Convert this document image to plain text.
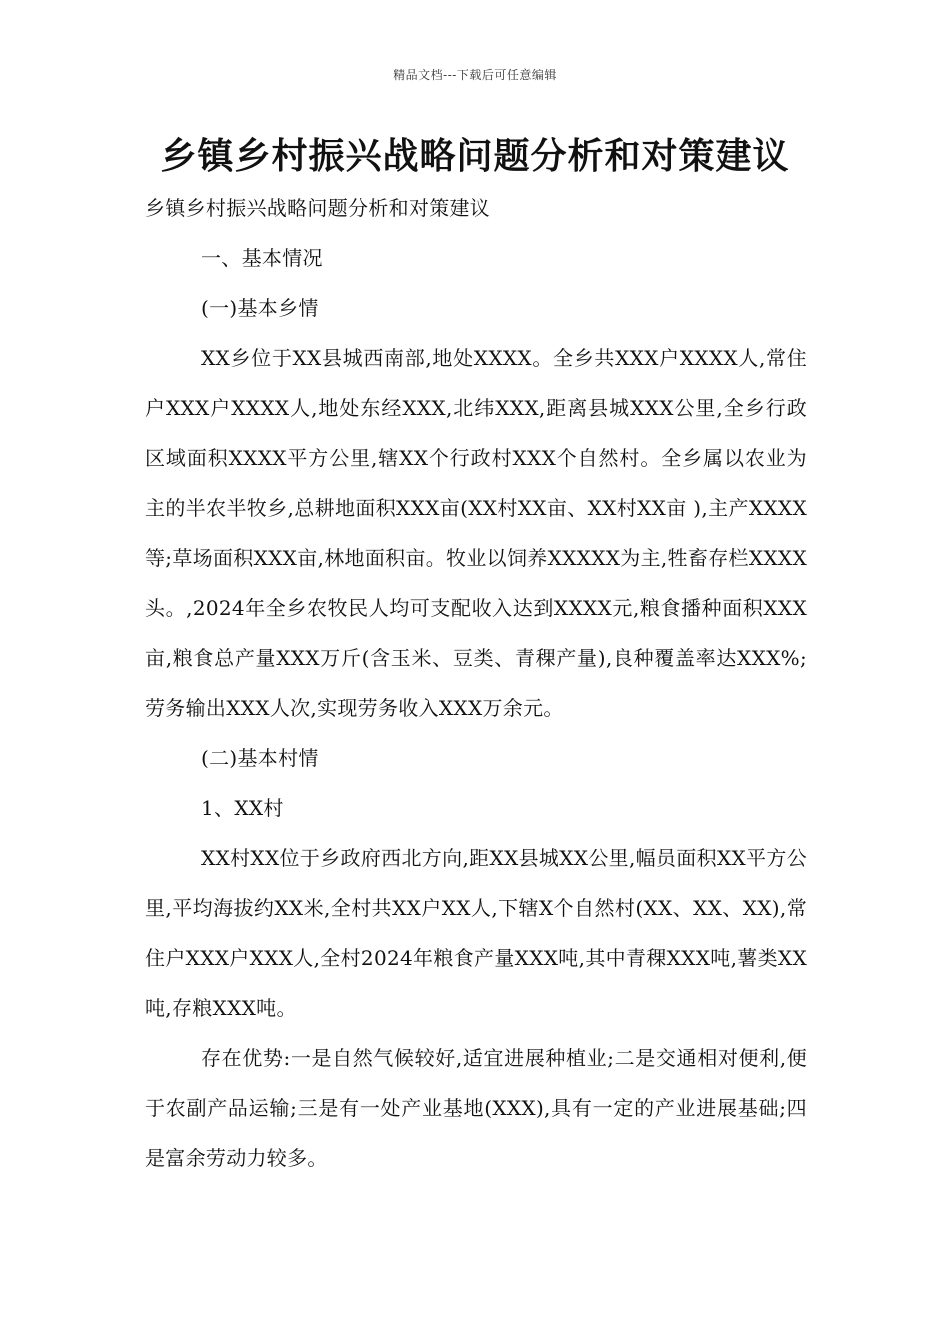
精品文档---下载后可任意编辑
乡镇乡村振兴战略问题分析和对策建议

乡镇乡村振兴战略问题分析和对策建议

一、基本情况

(一)基本乡情

XX乡位于XX县城西南部,地处XXXX。全乡共XXX户XXXX人,常住户XXX户XXXX人,地处东经XXX,北纬XXX,距离县城XXX公里,全乡行政区域面积XXXX平方公里,辖XX个行政村XXX个自然村。全乡属以农业为主的半农半牧乡,总耕地面积XXX亩(XX村XX亩、XX村XX亩 ),主产XXXX等;草场面积XXX亩,林地面积亩。牧业以饲养XXXXX为主,牲畜存栏XXXX头。,2024年全乡农牧民人均可支配收入达到XXXX元,粮食播种面积XXX亩,粮食总产量XXX万斤(含玉米、豆类、青稞产量),良种覆盖率达XXX%;劳务输出XXX人次,实现劳务收入XXX万余元。

(二)基本村情

1、XX村

XX村XX位于乡政府西北方向,距XX县城XX公里,幅员面积XX平方公里,平均海拔约XX米,全村共XX户XX人,下辖X个自然村(XX、XX、XX),常住户XXX户XXX人,全村2024年粮食产量XXX吨,其中青稞XXX吨,薯类XX吨,存粮XXX吨。

存在优势:一是自然气候较好,适宜进展种植业;二是交通相对便利,便于农副产品运输;三是有一处产业基地(XXX),具有一定的产业进展基础;四是富余劳动力较多。
